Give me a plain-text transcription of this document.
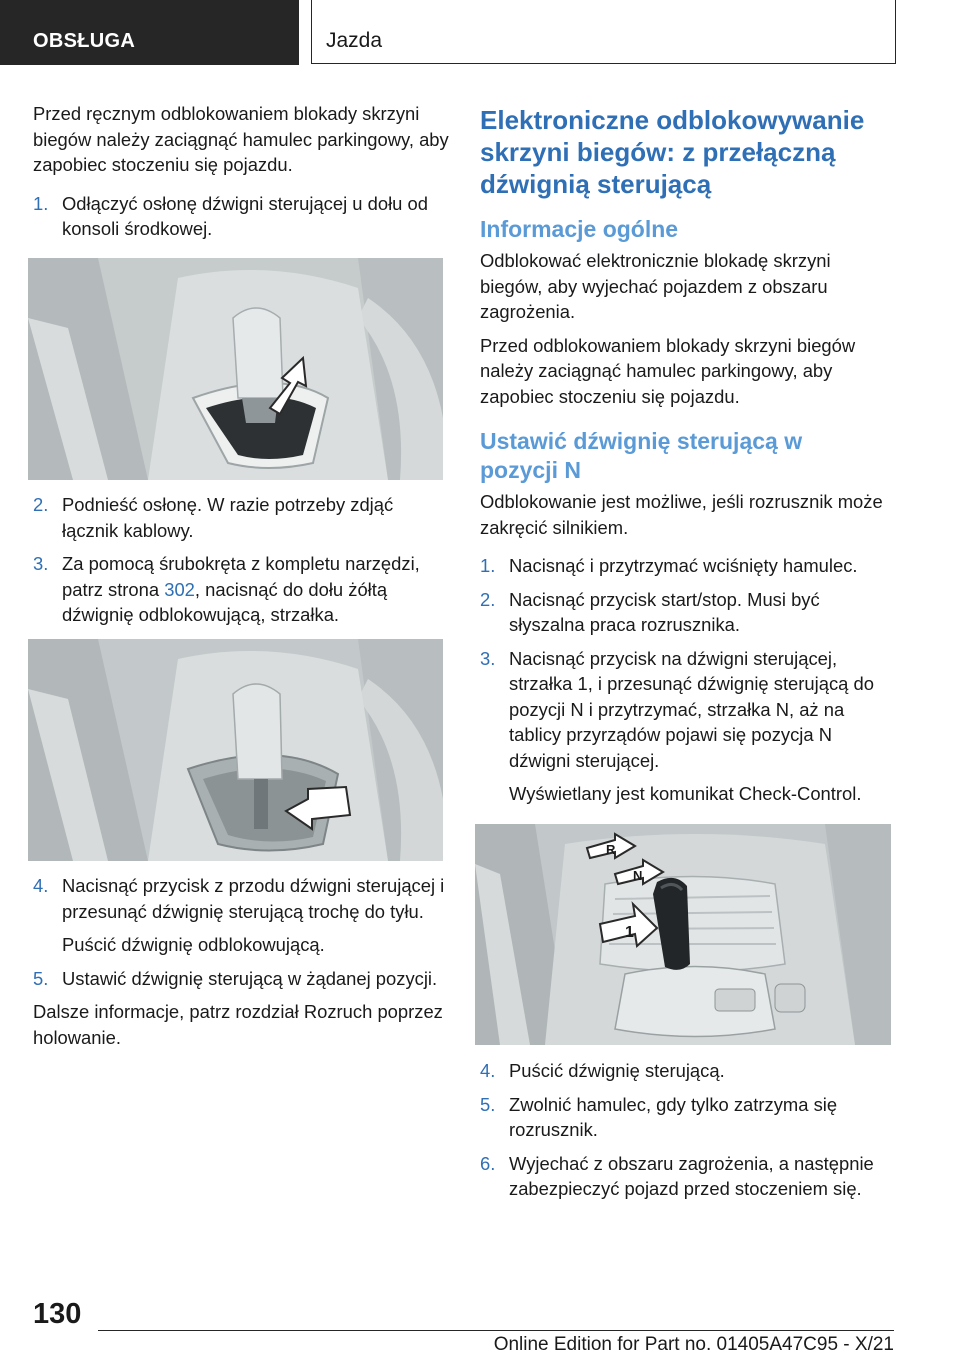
OBSŁUGA	Jazda

Przed ręcznym odblokowaniem blokady skrzyni biegów należy zaciągnąć hamulec parkingowy, aby zapobiec stoczeniu się pojazdu.

1. Odłączyć osłonę dźwigni sterującej u dołu od konsoli środkowej.
2. Podnieść osłonę. W razie potrzeby zdjąć łącznik kablowy.
3. Za pomocą śrubokręta z kompletu narzędzi, patrz strona 302, nacisnąć do dołu żółtą dźwignię odblokowującą, strzałka.
4. Nacisnąć przycisk z przodu dźwigni sterującej i przesunąć dźwignię sterującą trochę do tyłu.

Puścić dźwignię odblokowującą.

5. Ustawić dźwignię sterującą w żądanej pozycji.

Dalsze informacje, patrz rozdział Rozruch poprzez holowanie.

Elektroniczne odblokowywanie skrzyni biegów: z przełączną dźwignią sterującą
Informacje ogólne

Odblokować elektronicznie blokadę skrzyni biegów, aby wyjechać pojazdem z obszaru zagrożenia.

Przed odblokowaniem blokady skrzyni biegów należy zaciągnąć hamulec parkingowy, aby zapobiec stoczeniu się pojazdu.

Ustawić dźwignię sterującą w pozycji N

Odblokowanie jest możliwe, jeśli rozrusznik może zakręcić silnikiem.

1. Nacisnąć i przytrzymać wciśnięty hamulec.
2. Nacisnąć przycisk start/stop. Musi być słyszalna praca rozrusznika.
3. Nacisnąć przycisk na dźwigni sterującej, strzałka 1, i przesunąć dźwignię sterującą do pozycji N i przytrzymać, strzałka N, aż na tablicy przyrządów pojawi się pozycja N dźwigni sterującej.

Wyświetlany jest komunikat Check-Control.

R
N
1
4. Puścić dźwignię sterującą.
5. Zwolnić hamulec, gdy tylko zatrzyma się rozrusznik.
6. Wyjechać z obszaru zagrożenia, a następnie zabezpieczyć pojazd przed stoczeniem się.
130
Online Edition for Part no. 01405A47C95 - X/21
